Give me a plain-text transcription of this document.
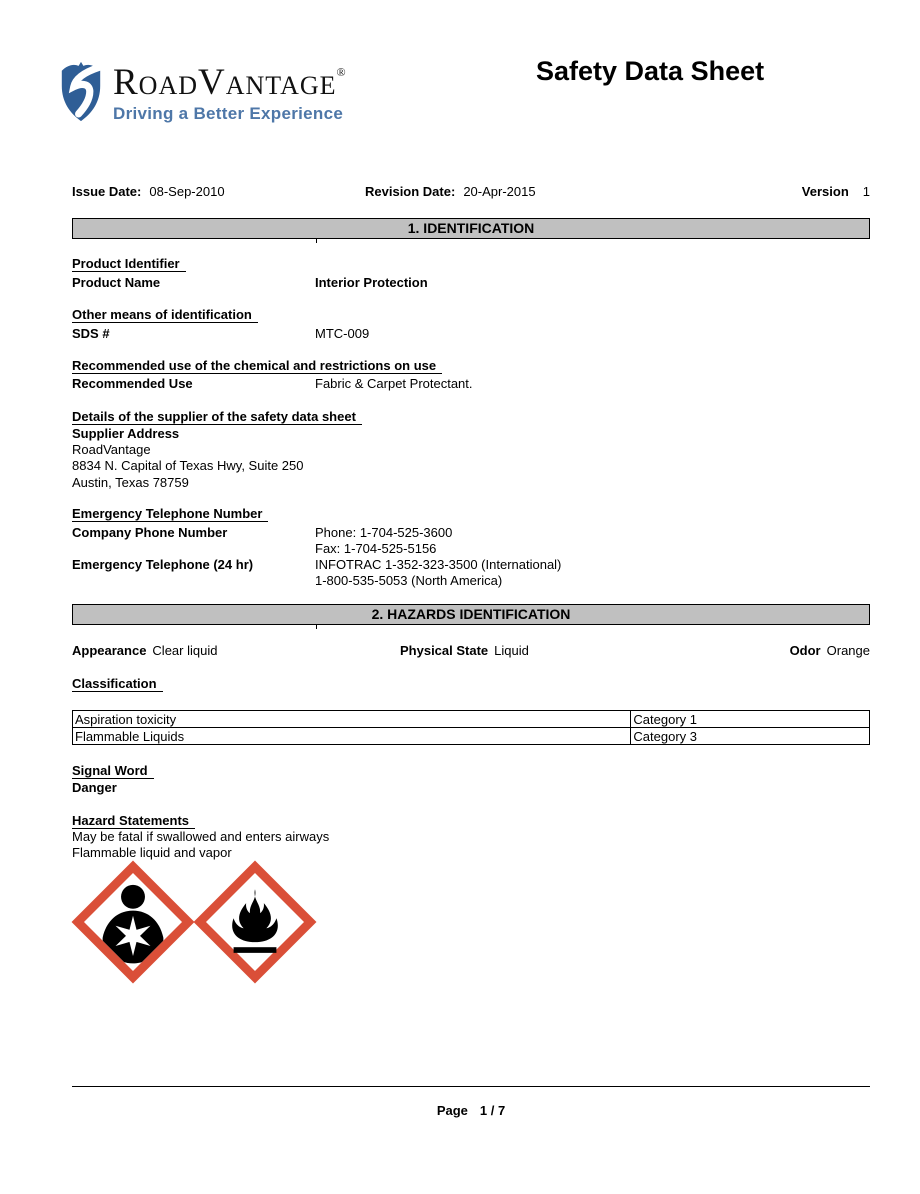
RoadVantage®
Driving a Better Experience
Safety Data Sheet
Issue Date: 08-Sep-2010	Revision Date: 20-Apr-2015	Version 1
1. IDENTIFICATION
Product Identifier
Product Name	Interior Protection
Other means of identification
SDS #	MTC-009
Recommended use of the chemical and restrictions on use
Recommended Use	Fabric & Carpet Protectant.
Details of the supplier of the safety data sheet
Supplier Address
RoadVantage
8834 N. Capital of Texas Hwy, Suite 250
Austin, Texas 78759
Emergency Telephone Number
Company Phone Number	Phone: 1-704-525-3600
Fax: 1-704-525-5156
Emergency Telephone (24 hr)	INFOTRAC 1-352-323-3500 (International)
1-800-535-5053 (North America)
2. HAZARDS IDENTIFICATION
Appearance Clear liquid	Physical State Liquid	Odor Orange
Classification
Aspiration toxicity	Category 1
Flammable Liquids	Category 3
Signal Word
Danger
Hazard Statements
May be fatal if swallowed and enters airways
Flammable liquid and vapor
Page 1 / 7
